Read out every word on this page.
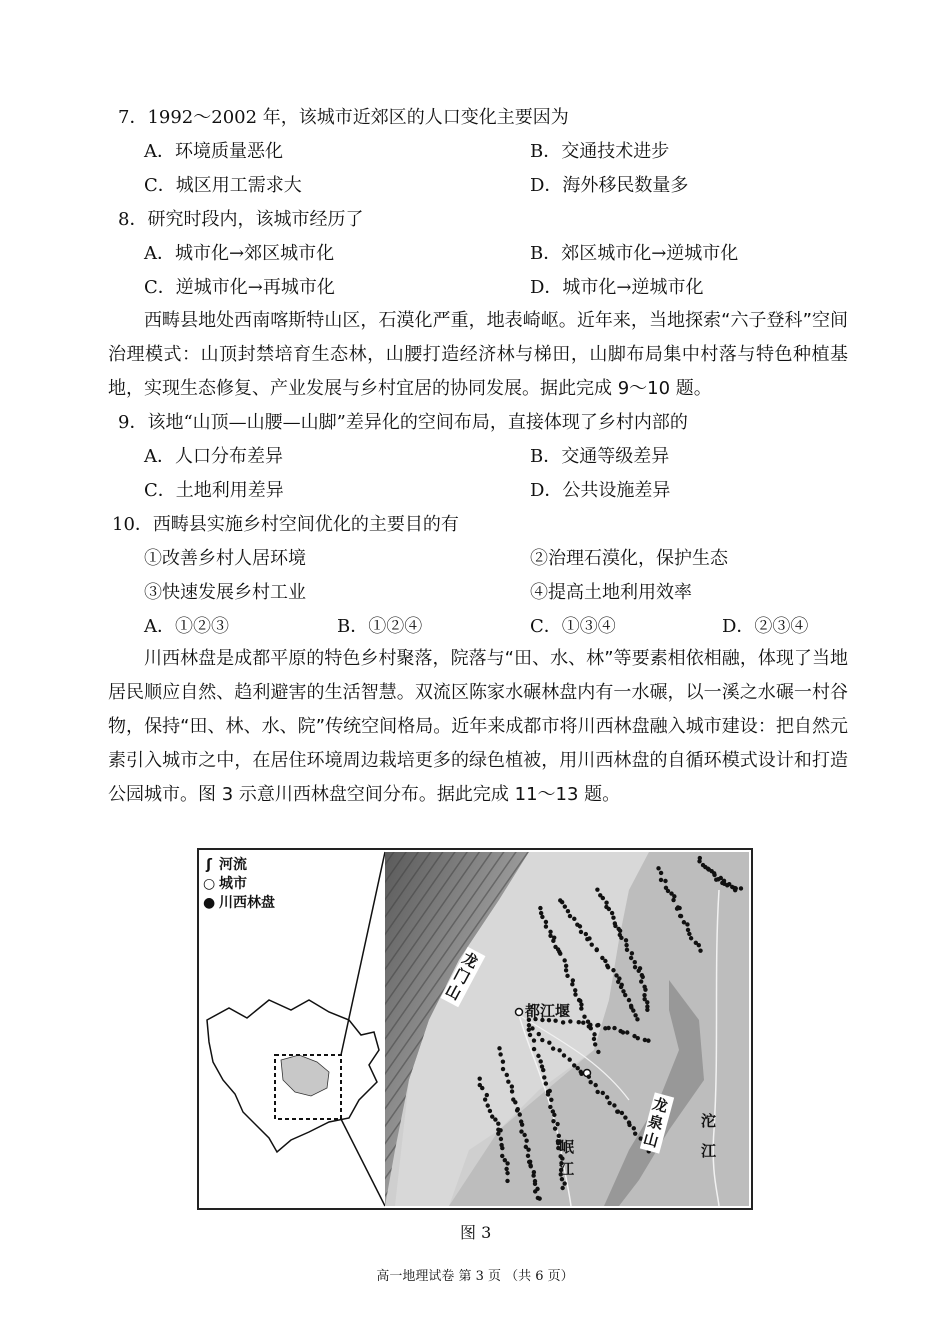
7．1992～2002 年，该城市近郊区的人口变化主要因为
A．环境质量恶化	B．交通技术进步
C．城区用工需求大	D．海外移民数量多
8．研究时段内，该城市经历了
A．城市化→郊区城市化	B．郊区城市化→逆城市化
C．逆城市化→再城市化	D．城市化→逆城市化
西畴县地处西南喀斯特山区，石漠化严重，地表崎岖。近年来，当地探索“六子登科”空间治理模式：山顶封禁培育生态林，山腰打造经济林与梯田，山脚布局集中村落与特色种植基地，实现生态修复、产业发展与乡村宜居的协同发展。据此完成 9～10 题。
9．该地“山顶—山腰—山脚”差异化的空间布局，直接体现了乡村内部的
A．人口分布差异	B．交通等级差异
C．土地利用差异	D．公共设施差异
10．西畴县实施乡村空间优化的主要目的有
①改善乡村人居环境	②治理石漠化，保护生态
③快速发展乡村工业	④提高土地利用效率
A．①②③	B．①②④	C．①③④	D．②③④
川西林盘是成都平原的特色乡村聚落，院落与“田、水、林”等要素相依相融，体现了当地居民顺应自然、趋利避害的生活智慧。双流区陈家水碾林盘内有一水碾，以一溪之水碾一村谷物，保持“田、林、水、院”传统空间格局。近年来成都市将川西林盘融入城市建设：把自然元素引入城市之中，在居住环境周边栽培更多的绿色植被，用川西林盘的自循环模式设计和打造公园城市。图 3 示意川西林盘空间分布。据此完成 11～13 题。
ʃ 河流
○ 城市
● 川西林盘
龙门山
都江堰
龙泉山
沱江
岷江
图 3
高一地理试卷 第 3 页 （共 6 页）
